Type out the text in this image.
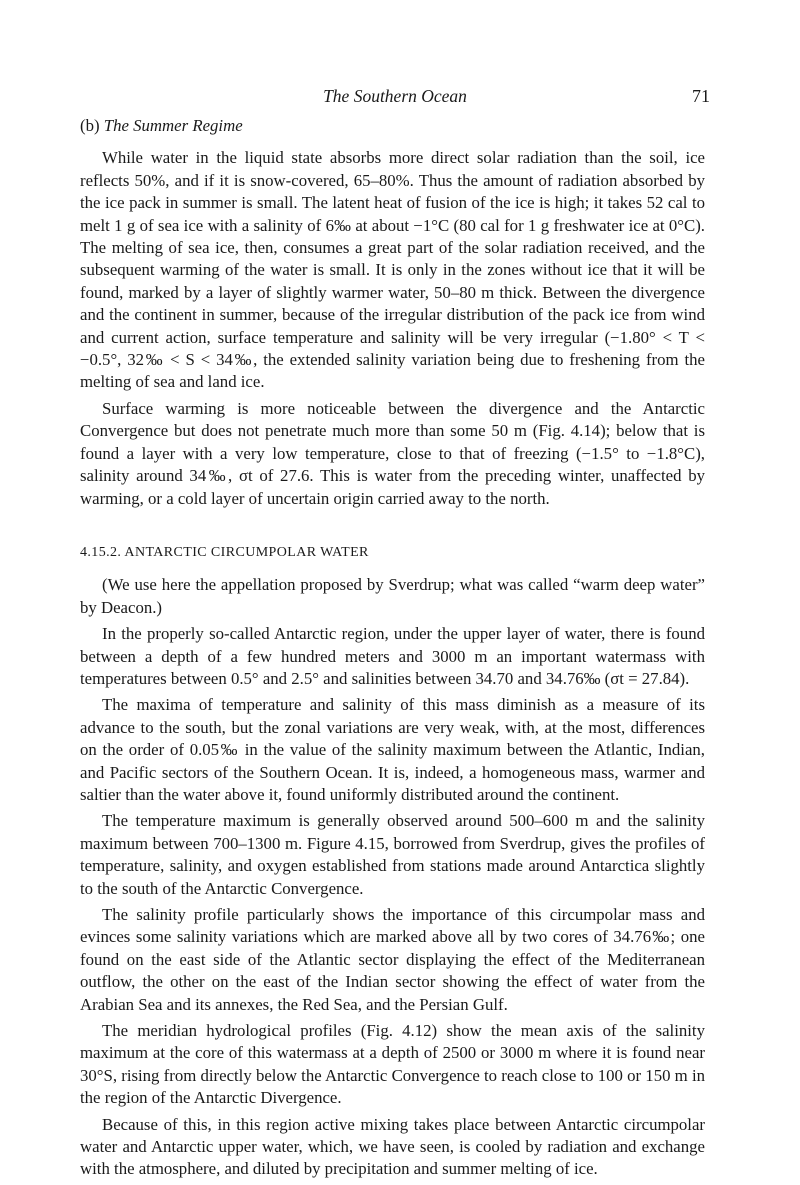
The Southern Ocean	71
(b) The Summer Regime

While water in the liquid state absorbs more direct solar radiation than the soil, ice reflects 50%, and if it is snow-covered, 65–80%. Thus the amount of radiation absorbed by the ice pack in summer is small. The latent heat of fusion of the ice is high; it takes 52 cal to melt 1 g of sea ice with a salinity of 6‰ at about −1°C (80 cal for 1 g freshwater ice at 0°C). The melting of sea ice, then, consumes a great part of the solar radiation received, and the subsequent warming of the water is small. It is only in the zones without ice that it will be found, marked by a layer of slightly warmer water, 50–80 m thick. Between the divergence and the continent in summer, because of the irregular distribution of the pack ice from wind and current action, surface temperature and salinity will be very irregular (−1.80° < T < −0.5°, 32‰ < S < 34‰, the extended salinity variation being due to freshening from the melting of sea and land ice.

Surface warming is more noticeable between the divergence and the Antarctic Convergence but does not penetrate much more than some 50 m (Fig. 4.14); below that is found a layer with a very low temperature, close to that of freezing (−1.5° to −1.8°C), salinity around 34‰, σt of 27.6. This is water from the preceding winter, unaffected by warming, or a cold layer of uncertain origin carried away to the north.

4.15.2. ANTARCTIC CIRCUMPOLAR WATER

(We use here the appellation proposed by Sverdrup; what was called “warm deep water” by Deacon.)

In the properly so-called Antarctic region, under the upper layer of water, there is found between a depth of a few hundred meters and 3000 m an important watermass with temperatures between 0.5° and 2.5° and salinities between 34.70 and 34.76‰ (σt = 27.84).

The maxima of temperature and salinity of this mass diminish as a measure of its advance to the south, but the zonal variations are very weak, with, at the most, differences on the order of 0.05‰ in the value of the salinity maximum between the Atlantic, Indian, and Pacific sectors of the Southern Ocean. It is, indeed, a homogeneous mass, warmer and saltier than the water above it, found uniformly distributed around the continent.

The temperature maximum is generally observed around 500–600 m and the salinity maximum between 700–1300 m. Figure 4.15, borrowed from Sverdrup, gives the profiles of temperature, salinity, and oxygen established from stations made around Antarctica slightly to the south of the Antarctic Convergence.

The salinity profile particularly shows the importance of this circumpolar mass and evinces some salinity variations which are marked above all by two cores of 34.76‰; one found on the east side of the Atlantic sector displaying the effect of the Mediterranean outflow, the other on the east of the Indian sector showing the effect of water from the Arabian Sea and its annexes, the Red Sea, and the Persian Gulf.

The meridian hydrological profiles (Fig. 4.12) show the mean axis of the salinity maximum at the core of this watermass at a depth of 2500 or 3000 m where it is found near 30°S, rising from directly below the Antarctic Convergence to reach close to 100 or 150 m in the region of the Antarctic Divergence.

Because of this, in this region active mixing takes place between Antarctic circumpolar water and Antarctic upper water, which, we have seen, is cooled by radiation and exchange with the atmosphere, and diluted by precipitation and summer melting of ice.
